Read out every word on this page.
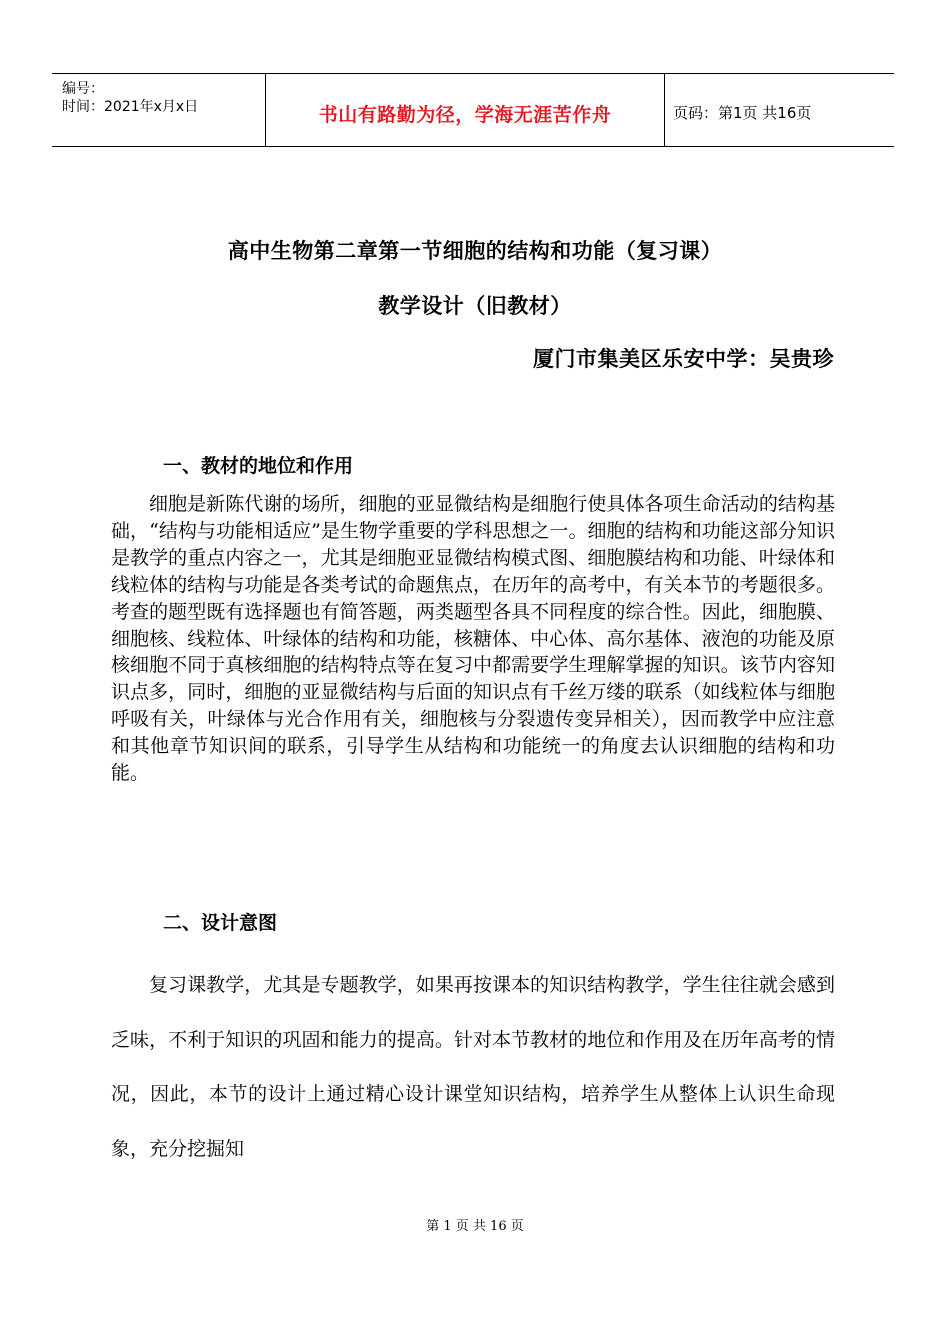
编号：
时间：2021年x月x日	书山有路勤为径，学海无涯苦作舟	页码：第1页 共16页
高中生物第二章第一节细胞的结构和功能（复习课）
教学设计（旧教材）
厦门市集美区乐安中学：吴贵珍
一、教材的地位和作用
细胞是新陈代谢的场所，细胞的亚显微结构是细胞行使具体各项生命活动的结构基础，“结构与功能相适应”是生物学重要的学科思想之一。细胞的结构和功能这部分知识是教学的重点内容之一，尤其是细胞亚显微结构模式图、细胞膜结构和功能、叶绿体和线粒体的结构与功能是各类考试的命题焦点，在历年的高考中，有关本节的考题很多。考查的题型既有选择题也有简答题，两类题型各具不同程度的综合性。因此，细胞膜、细胞核、线粒体、叶绿体的结构和功能，核糖体、中心体、高尔基体、液泡的功能及原核细胞不同于真核细胞的结构特点等在复习中都需要学生理解掌握的知识。该节内容知识点多，同时，细胞的亚显微结构与后面的知识点有千丝万缕的联系（如线粒体与细胞呼吸有关，叶绿体与光合作用有关，细胞核与分裂遗传变异相关），因而教学中应注意和其他章节知识间的联系，引导学生从结构和功能统一的角度去认识细胞的结构和功能。
二、设计意图
复习课教学，尤其是专题教学，如果再按课本的知识结构教学，学生往往就会感到乏味，不利于知识的巩固和能力的提高。针对本节教材的地位和作用及在历年高考的情况，因此，本节的设计上通过精心设计课堂知识结构，培养学生从整体上认识生命现象，充分挖掘知
第 1 页 共 16 页
